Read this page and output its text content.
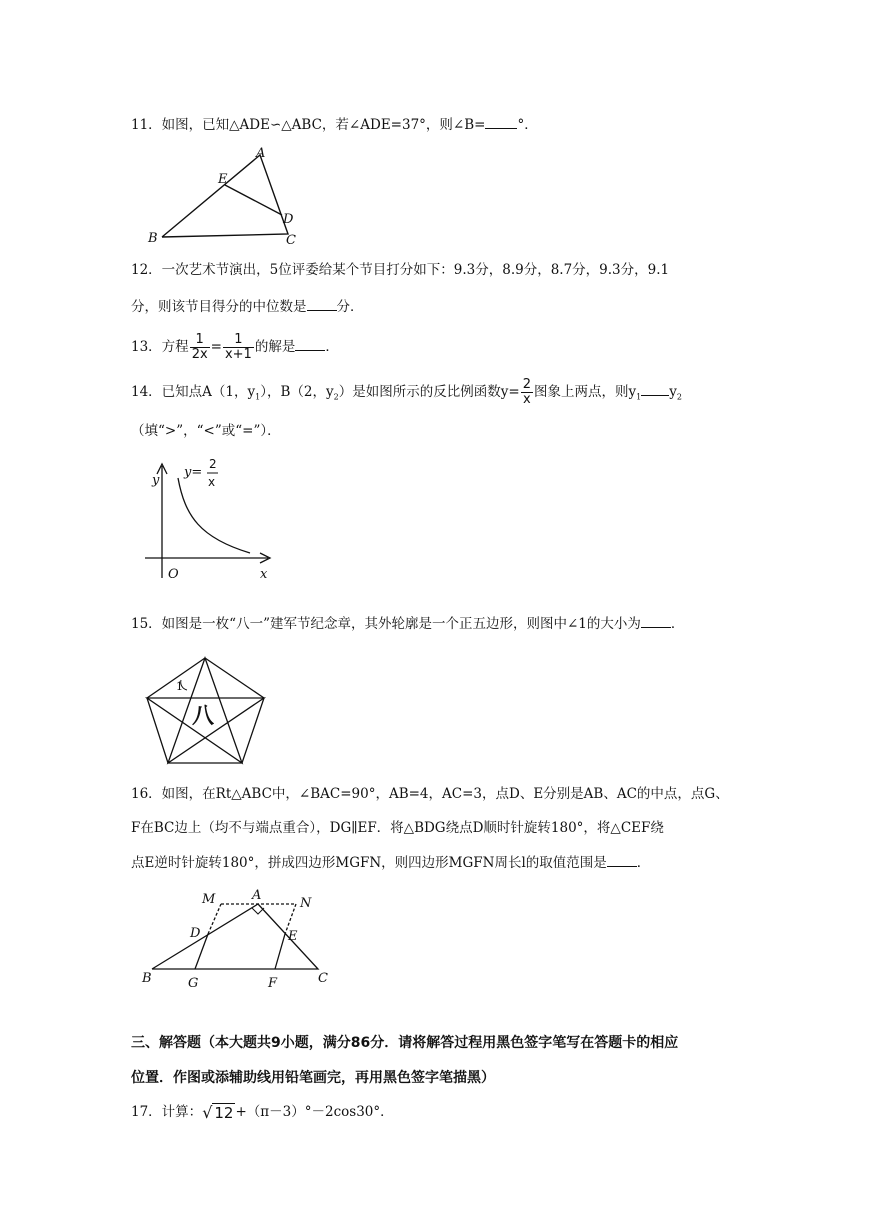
11．如图，已知△ADE∽△ABC，若∠ADE=37°，则∠B= °．
A
B	C
D
E
12．一次艺术节演出，5位评委给某个节目打分如下：9.3分，8.9分，8.7分，9.3分，9.1
分，则该节目得分的中位数是 分．
13．方程 $\frac{1}{2x} = \frac{1}{x+1}$ 的解是 ．
14．已知点A（1，$y_1$），B（2，$y_2$）是如图所示的反比例函数$y= \frac{2}{x}$ 图象上两点，则$y_1$ $y_2$
（填“>”，“<”或“=”）．
y
x
O
y=
2
x
15．如图是一枚“八一”建军节纪念章，其外轮廓是一个正五边形，则图中∠1的大小为 ．
1
八
16．如图，在Rt△ABC中，∠BAC=90°，AB=4，AC=3，点D、E分别是AB、AC的中点，点G、
F在BC边上（均不与端点重合），DG∥EF．将△BDG绕点D顺时针旋转180°，将△CEF绕
点E逆时针旋转180°，拼成四边形MGFN，则四边形MGFN周长l的取值范围是 ．
A
M	N
D	E
B	G	F	C
三、解答题（本大题共9小题，满分86分．请将解答过程用黑色签字笔写在答题卡的相应
位置．作图或添辅助线用铅笔画完，再用黑色签字笔描黑）
17．计算：√ 12 +（π－3）°－2cos30°．
